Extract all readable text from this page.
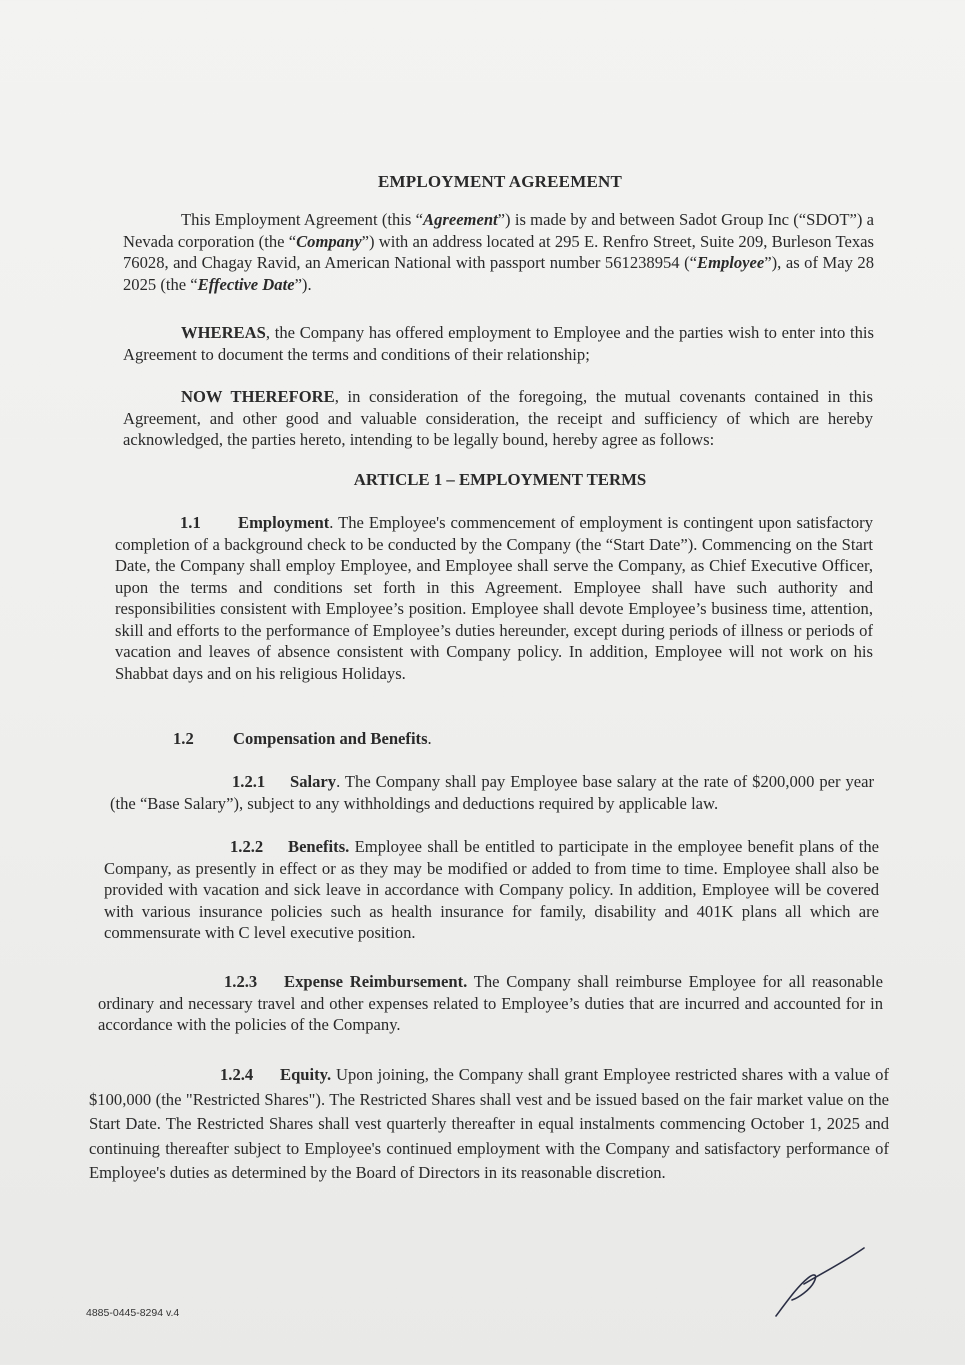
EMPLOYMENT AGREEMENT
This Employment Agreement (this “Agreement”) is made by and between Sadot Group Inc (“SDOT”) a Nevada corporation (the “Company”) with an address located at 295 E. Renfro Street, Suite 209, Burleson Texas 76028, and Chagay Ravid, an American National with passport number 561238954 (“Employee”), as of May 28 2025 (the “Effective Date”).
WHEREAS, the Company has offered employment to Employee and the parties wish to enter into this Agreement to document the terms and conditions of their relationship;
NOW THEREFORE, in consideration of the foregoing, the mutual covenants contained in this Agreement, and other good and valuable consideration, the receipt and sufficiency of which are hereby acknowledged, the parties hereto, intending to be legally bound, hereby agree as follows:
ARTICLE 1 – EMPLOYMENT TERMS
1.1 Employment. The Employee's commencement of employment is contingent upon satisfactory completion of a background check to be conducted by the Company (the “Start Date”). Commencing on the Start Date, the Company shall employ Employee, and Employee shall serve the Company, as Chief Executive Officer, upon the terms and conditions set forth in this Agreement. Employee shall have such authority and responsibilities consistent with Employee’s position. Employee shall devote Employee’s business time, attention, skill and efforts to the performance of Employee’s duties hereunder, except during periods of illness or periods of vacation and leaves of absence consistent with Company policy. In addition, Employee will not work on his Shabbat days and on his religious Holidays.
1.2 Compensation and Benefits.
1.2.1 Salary. The Company shall pay Employee base salary at the rate of $200,000 per year (the “Base Salary”), subject to any withholdings and deductions required by applicable law.
1.2.2 Benefits. Employee shall be entitled to participate in the employee benefit plans of the Company, as presently in effect or as they may be modified or added to from time to time. Employee shall also be provided with vacation and sick leave in accordance with Company policy. In addition, Employee will be covered with various insurance policies such as health insurance for family, disability and 401K plans all which are commensurate with C level executive position.
1.2.3 Expense Reimbursement. The Company shall reimburse Employee for all reasonable ordinary and necessary travel and other expenses related to Employee’s duties that are incurred and accounted for in accordance with the policies of the Company.
1.2.4 Equity. Upon joining, the Company shall grant Employee restricted shares with a value of $100,000 (the "Restricted Shares"). The Restricted Shares shall vest and be issued based on the fair market value on the Start Date. The Restricted Shares shall vest quarterly thereafter in equal instalments commencing October 1, 2025 and continuing thereafter subject to Employee's continued employment with the Company and satisfactory performance of Employee's duties as determined by the Board of Directors in its reasonable discretion.
4885-0445-8294 v.4
